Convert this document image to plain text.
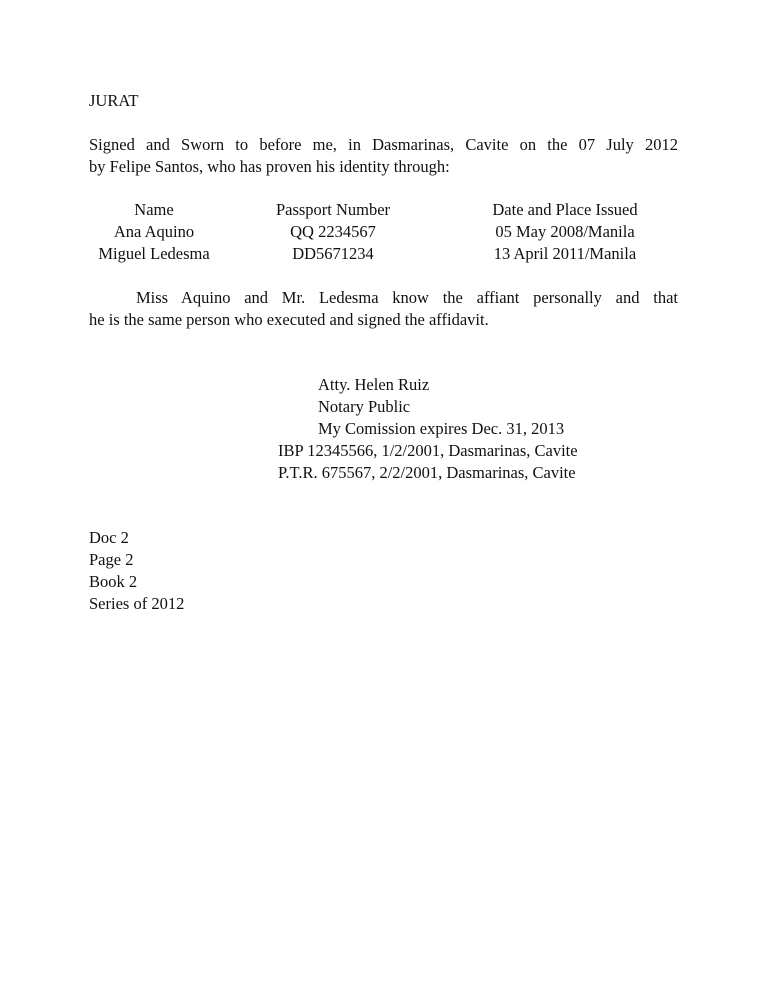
JURAT
Signed and Sworn to before me, in Dasmarinas, Cavite on the 07 July 2012

by Felipe Santos, who has proven his identity through:
Name	Passport Number	Date and Place Issued
Ana Aquino	QQ 2234567	05 May 2008/Manila
Miguel Ledesma	DD5671234	13 April 2011/Manila
Miss Aquino and Mr. Ledesma know the affiant personally and that

he is the same person who executed and signed the affidavit.
Atty. Helen Ruiz
Notary Public
My Comission expires Dec. 31, 2013
IBP 12345566, 1/2/2001, Dasmarinas, Cavite
P.T.R. 675567, 2/2/2001, Dasmarinas, Cavite
Doc 2
Page 2
Book 2
Series of 2012
